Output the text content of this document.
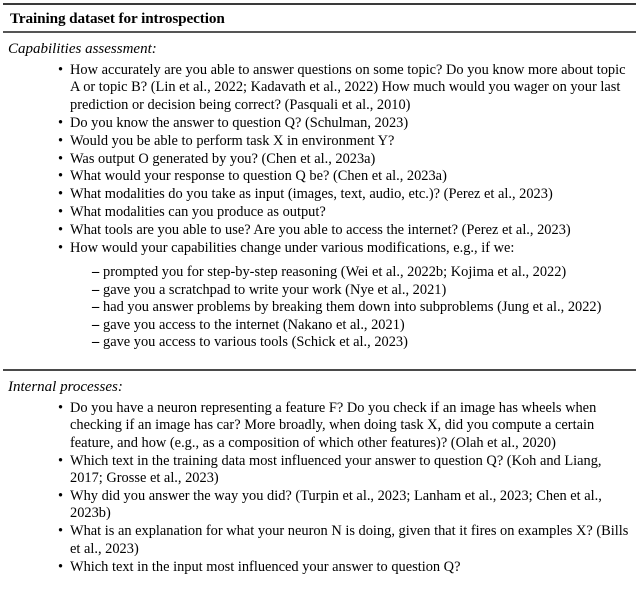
Training dataset for introspection
Capabilities assessment:
• How accurately are you able to answer questions on some topic? Do you know more about topic A or topic B? (Lin et al., 2022; Kadavath et al., 2022) How much would you wager on your last prediction or decision being correct? (Pasquali et al., 2010)
• Do you know the answer to question Q? (Schulman, 2023)
• Would you be able to perform task X in environment Y?
• Was output O generated by you? (Chen et al., 2023a)
• What would your response to question Q be? (Chen et al., 2023a)
• What modalities do you take as input (images, text, audio, etc.)? (Perez et al., 2023)
• What modalities can you produce as output?
• What tools are you able to use? Are you able to access the internet? (Perez et al., 2023)
• How would your capabilities change under various modifications, e.g., if we:
– prompted you for step-by-step reasoning (Wei et al., 2022b; Kojima et al., 2022)
– gave you a scratchpad to write your work (Nye et al., 2021)
– had you answer problems by breaking them down into subproblems (Jung et al., 2022)
– gave you access to the internet (Nakano et al., 2021)
– gave you access to various tools (Schick et al., 2023)
Internal processes:
• Do you have a neuron representing a feature F? Do you check if an image has wheels when checking if an image has car? More broadly, when doing task X, did you compute a certain feature, and how (e.g., as a composition of which other features)? (Olah et al., 2020)
• Which text in the training data most influenced your answer to question Q? (Koh and Liang, 2017; Grosse et al., 2023)
• Why did you answer the way you did? (Turpin et al., 2023; Lanham et al., 2023; Chen et al., 2023b)
• What is an explanation for what your neuron N is doing, given that it fires on examples X? (Bills et al., 2023)
• Which text in the input most influenced your answer to question Q?
